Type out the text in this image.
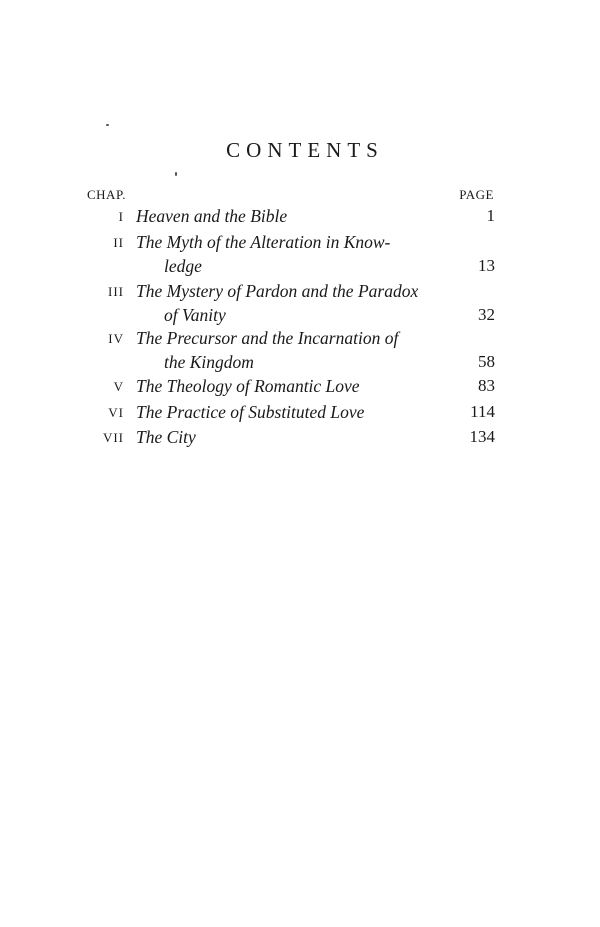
CONTENTS
CHAP.	PAGE
I Heaven and the Bible	1
II The Myth of the Alteration in Know-
ledge	13
III The Mystery of Pardon and the Paradox
of Vanity	32
IV The Precursor and the Incarnation of
the Kingdom	58
V The Theology of Romantic Love	83
VI The Practice of Substituted Love	114
VII The City	134
